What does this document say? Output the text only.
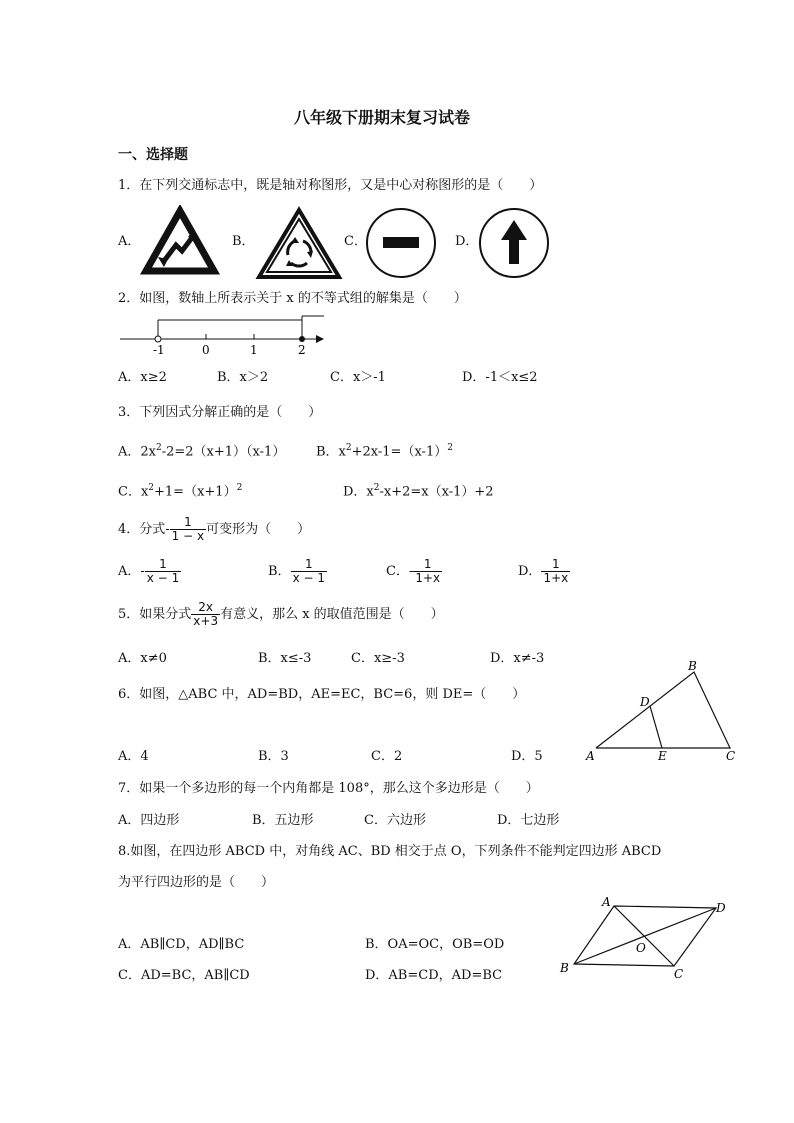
八年级下册期末复习试卷
一、选择题
1．在下列交通标志中，既是轴对称图形，又是中心对称图形的是（　　）
A．	B．	C．	D．
2．如图，数轴上所表示关于 x 的不等式组的解集是（　　）
-1	0	1	2
A．x≥2	B．x＞2	C．x＞-1	D．-1＜x≤2
3．下列因式分解正确的是（　　）
A．$2x^2-2=2(x+1)(x-1)$ B．$x^2+2x-1=(x-1)^2$
C．$x^2+1=(x+1)^2$	D．$x^2-x+2=x(x-1)+2$
4．分式- $\frac{1}{1 - x}$ 可变形为（　　）
A．- $\frac{1}{x - 1}$	B． $\frac{1}{x - 1}$	C．- $\frac{1}{1+x}$	D． $\frac{1}{1+x}$
5．如果分式 $\frac{2x}{x+3}$ 有意义，那么 x 的取值范围是（　　）
A．x≠0	B．x≤-3	C．x≥-3	D．x≠-3
6．如图，△ABC 中，AD=BD，AE=EC，BC=6，则 DE=（　　）
A．4	B．3	C．2	D．5	A
B
C
D
E
7．如果一个多边形的每一个内角都是 108°，那么这个多边形是（　　）
A．四边形	B．五边形	C．六边形	D．七边形
8.如图，在四边形 ABCD 中，对角线 AC、BD 相交于点 O，下列条件不能判定四边形 ABCD
为平行四边形的是（　　）
A．AB∥CD，AD∥BC	B．OA=OC，OB=OD
C．AD=BC，AB∥CD	D．AB=CD，AD=BC
A
B	C
D
O
